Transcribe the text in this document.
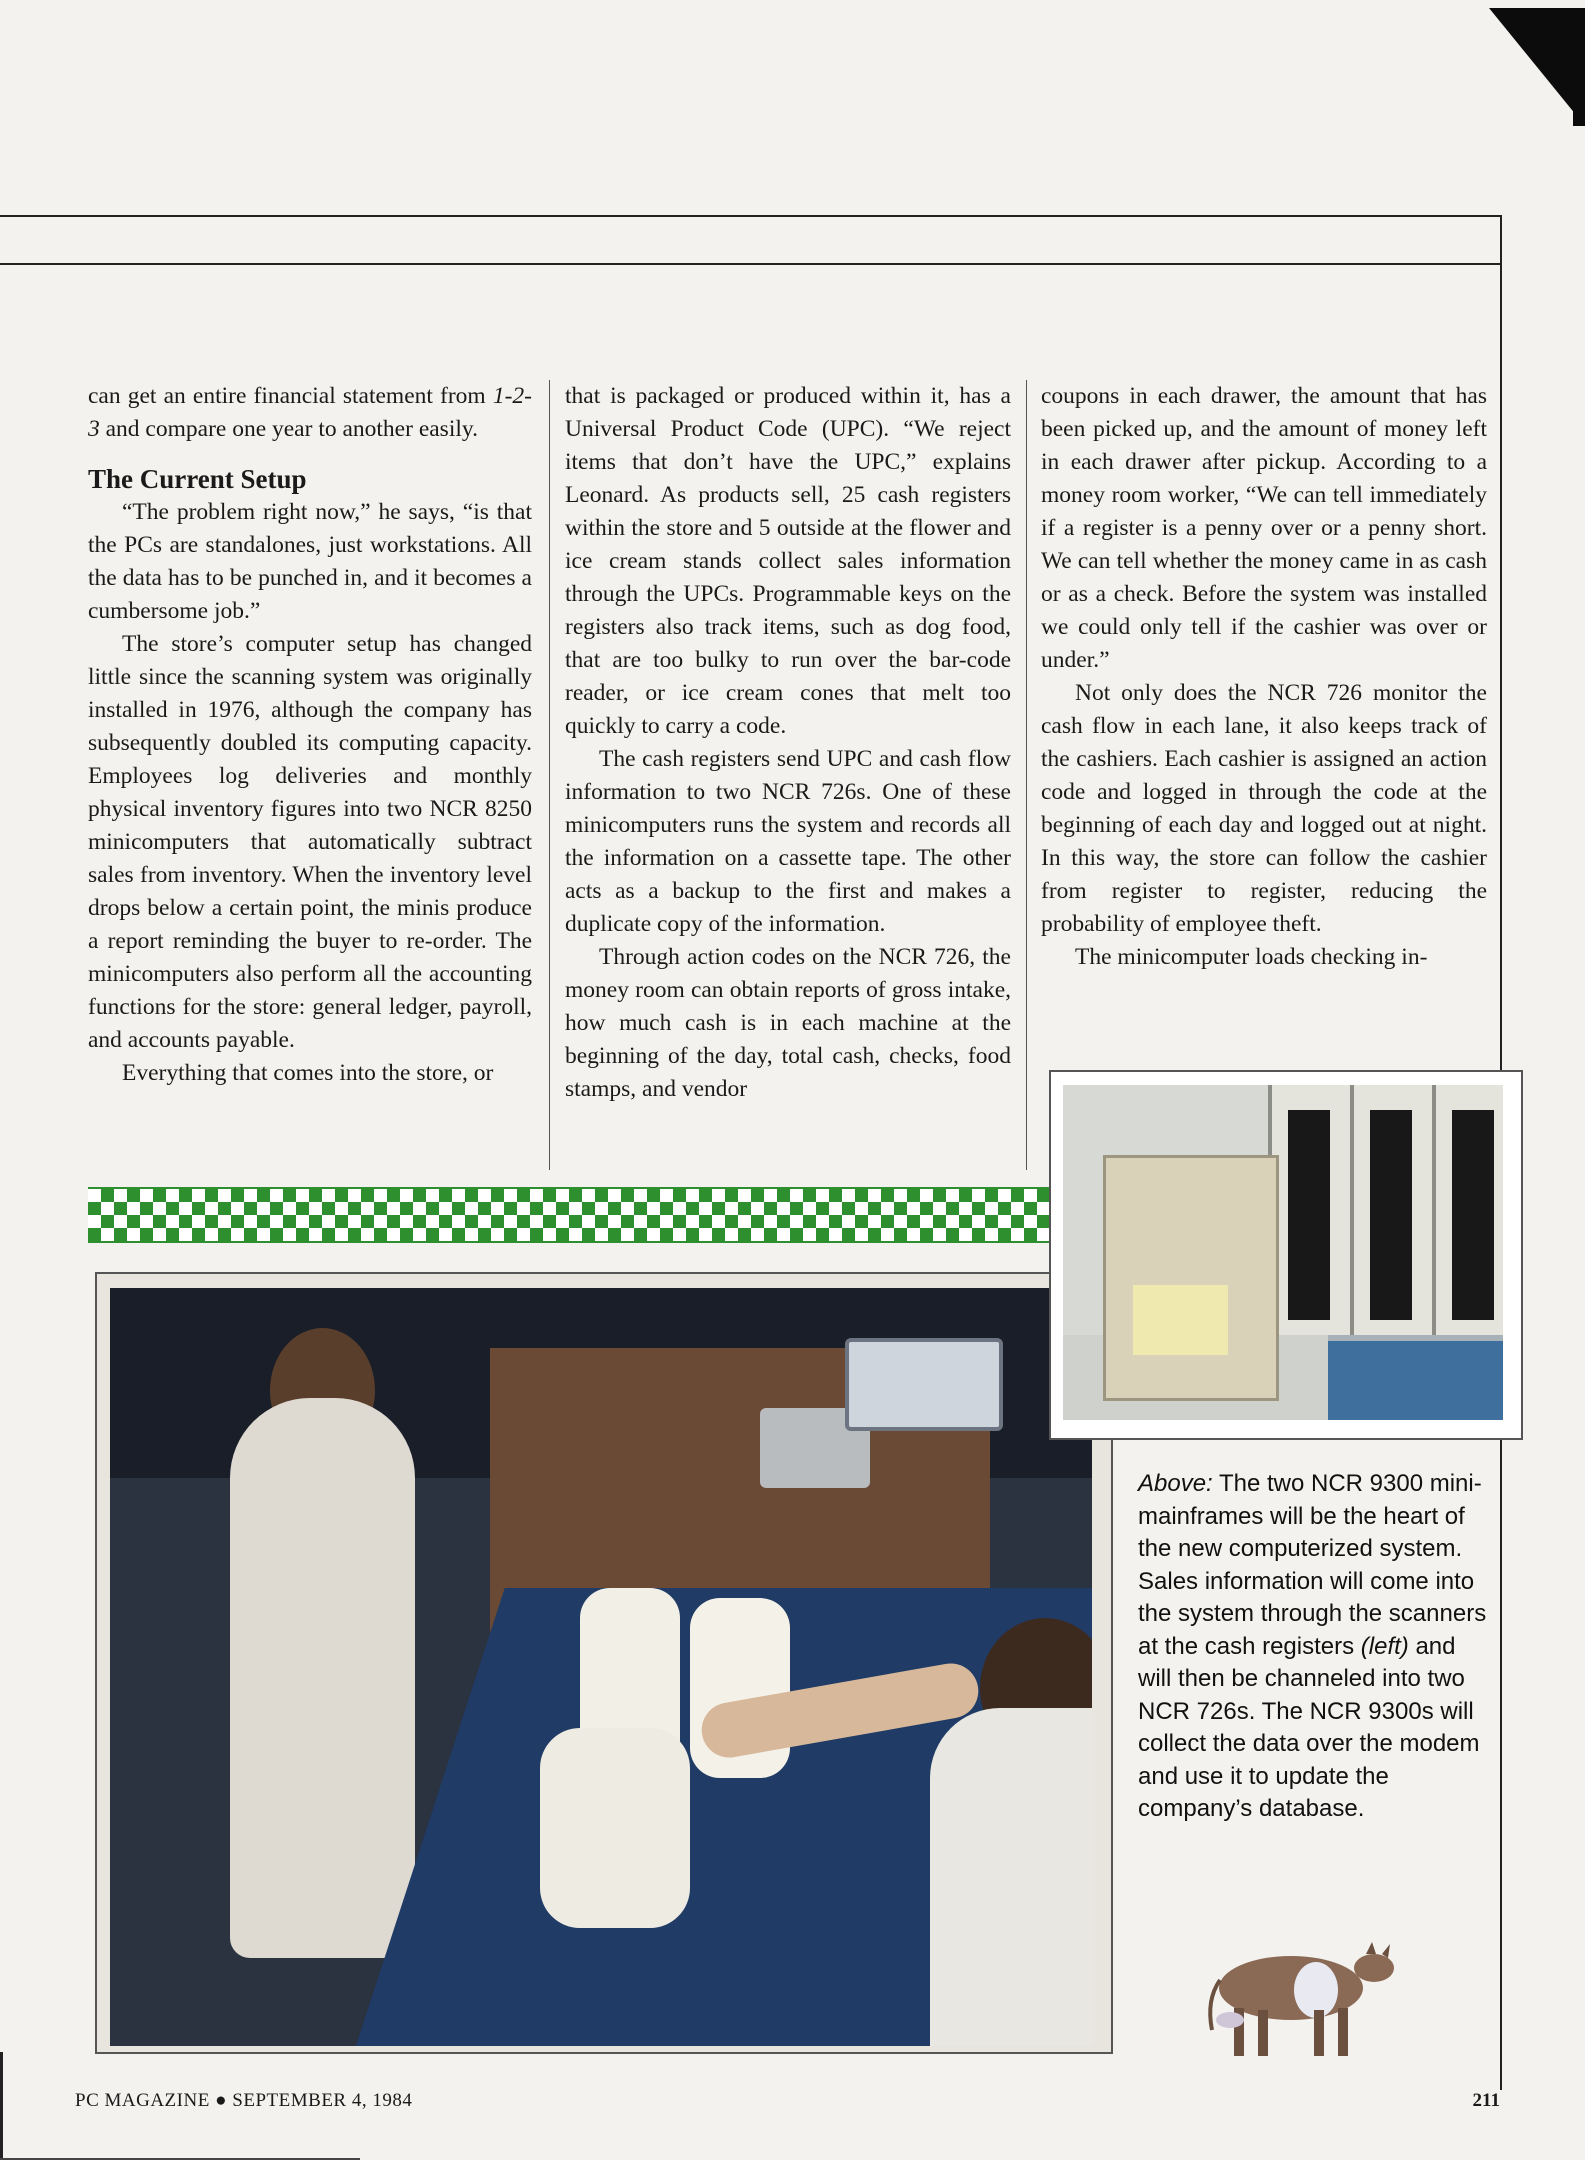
can get an entire financial statement from 1-2-3 and compare one year to another easily.

The Current Setup

“The problem right now,” he says, “is that the PCs are standalones, just workstations. All the data has to be punched in, and it becomes a cumbersome job.”

The store’s computer setup has changed little since the scanning system was originally installed in 1976, although the company has subsequently doubled its computing capacity. Employees log deliveries and monthly physical inventory figures into two NCR 8250 minicomputers that automatically subtract sales from inventory. When the inventory level drops below a certain point, the minis produce a report reminding the buyer to re-order. The minicomputers also perform all the accounting functions for the store: general ledger, payroll, and accounts payable.

Everything that comes into the store, or

that is packaged or produced within it, has a Universal Product Code (UPC). “We reject items that don’t have the UPC,” explains Leonard. As products sell, 25 cash registers within the store and 5 outside at the flower and ice cream stands collect sales information through the UPCs. Programmable keys on the registers also track items, such as dog food, that are too bulky to run over the bar-code reader, or ice cream cones that melt too quickly to carry a code.

The cash registers send UPC and cash flow information to two NCR 726s. One of these minicomputers runs the system and records all the information on a cassette tape. The other acts as a backup to the first and makes a duplicate copy of the information.

Through action codes on the NCR 726, the money room can obtain reports of gross intake, how much cash is in each machine at the beginning of the day, total cash, checks, food stamps, and vendor

coupons in each drawer, the amount that has been picked up, and the amount of money left in each drawer after pickup. According to a money room worker, “We can tell immediately if a register is a penny over or a penny short. We can tell whether the money came in as cash or as a check. Before the system was installed we could only tell if the cashier was over or under.”

Not only does the NCR 726 monitor the cash flow in each lane, it also keeps track of the cashiers. Each cashier is assigned an action code and logged in through the code at the beginning of each day and logged out at night. In this way, the store can follow the cashier from register to register, reducing the probability of employee theft.

The minicomputer loads checking in-

Above: The two NCR 9300 mini-mainframes will be the heart of the new computerized system. Sales information will come into the system through the scanners at the cash registers (left) and will then be channeled into two NCR 726s. The NCR 9300s will collect the data over the modem and use it to update the company’s database.
PC MAGAZINE ● SEPTEMBER 4, 1984	211
